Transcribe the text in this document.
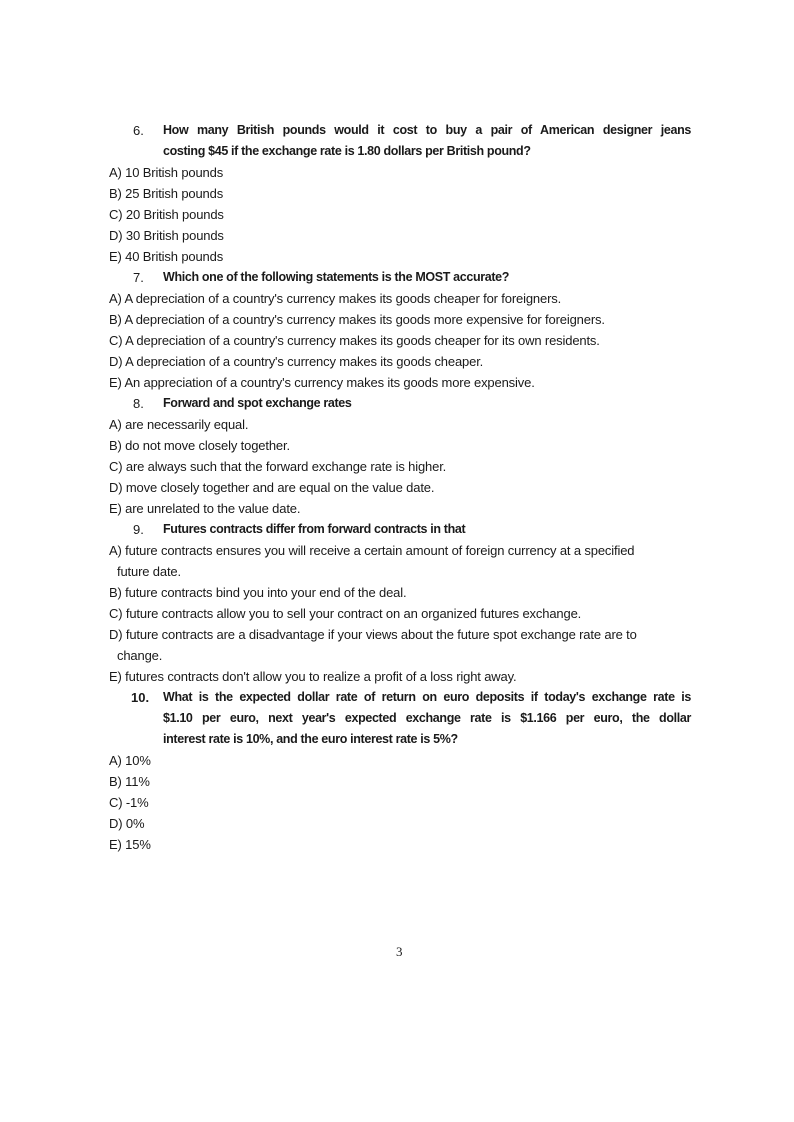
6. How many British pounds would it cost to buy a pair of American designer jeans
costing $45 if the exchange rate is 1.80 dollars per British pound?
A) 10 British pounds
B) 25 British pounds
C) 20 British pounds
D) 30 British pounds
E) 40 British pounds
7. Which one of the following statements is the MOST accurate?
A) A depreciation of a country's currency makes its goods cheaper for foreigners.
B) A depreciation of a country's currency makes its goods more expensive for foreigners.
C) A depreciation of a country's currency makes its goods cheaper for its own residents.
D) A depreciation of a country's currency makes its goods cheaper.
E) An appreciation of a country's currency makes its goods more expensive.
8. Forward and spot exchange rates
A) are necessarily equal.
B) do not move closely together.
C) are always such that the forward exchange rate is higher.
D) move closely together and are equal on the value date.
E) are unrelated to the value date.
9. Futures contracts differ from forward contracts in that
A) future contracts ensures you will receive a certain amount of foreign currency at a specified
future date.
B) future contracts bind you into your end of the deal.
C) future contracts allow you to sell your contract on an organized futures exchange.
D) future contracts are a disadvantage if your views about the future spot exchange rate are to
change.
E) futures contracts don't allow you to realize a profit of a loss right away.
10. What is the expected dollar rate of return on euro deposits if today's exchange rate is
$1.10 per euro, next year's expected exchange rate is $1.166 per euro, the dollar
interest rate is 10%, and the euro interest rate is 5%?
A) 10%
B) 11%
C) -1%
D) 0%
E) 15%
3
